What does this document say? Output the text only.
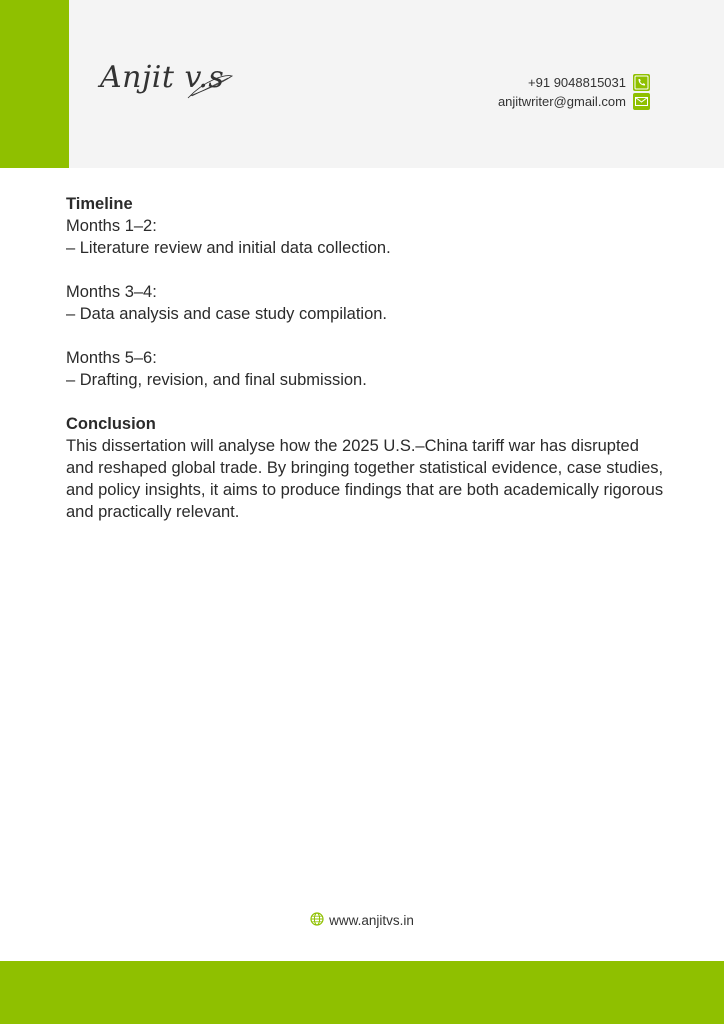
Anjit v.s	+91 9048815031
anjitwriter@gmail.com

Timeline

Months 1–2:

– Literature review and initial data collection.

Months 3–4:

– Data analysis and case study compilation.

Months 5–6:

– Drafting, revision, and final submission.

Conclusion

This dissertation will analyse how the 2025 U.S.–China tariff war has disrupted and reshaped global trade. By bringing together statistical evidence, case studies, and policy insights, it aims to produce findings that are both academically rigorous and practically relevant.

www.anjitvs.in
